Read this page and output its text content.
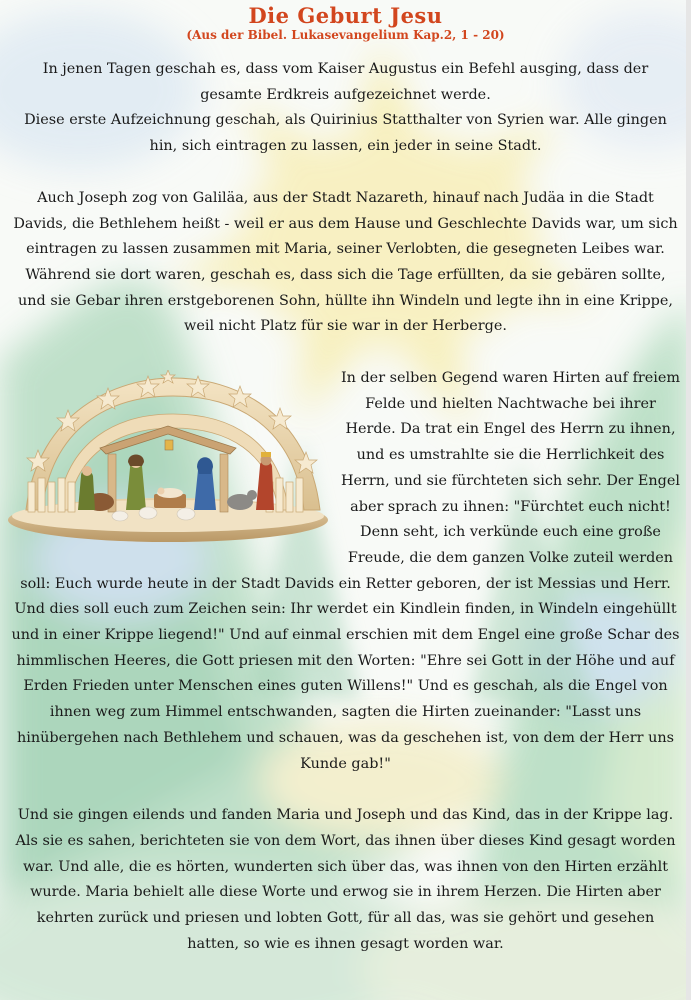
Die Geburt Jesu
(Aus der Bibel. Lukasevangelium Kap.2, 1 - 20)

In jenen Tagen geschah es, dass vom Kaiser Augustus ein Befehl ausging, dass der gesamte Erdkreis aufgezeichnet werde.

Diese erste Aufzeichnung geschah, als Quirinius Statthalter von Syrien war. Alle gingen hin, sich eintragen zu lassen, ein jeder in seine Stadt.

Auch Joseph zog von Galiläa, aus der Stadt Nazareth, hinauf nach Judäa in die Stadt Davids, die Bethlehem heißt - weil er aus dem Hause und Geschlechte Davids war, um sich eintragen zu lassen zusammen mit Maria, seiner Verlobten, die gesegneten Leibes war. Während sie dort waren, geschah es, dass sich die Tage erfüllten, da sie gebären sollte, und sie Gebar ihren erstgeborenen Sohn, hüllte ihn Windeln und legte ihn in eine Krippe, weil nicht Platz für sie war in der Herberge.

In der selben Gegend waren Hirten auf freiem Felde und hielten Nachtwache bei ihrer Herde. Da trat ein Engel des Herrn zu ihnen, und es umstrahlte sie die Herrlichkeit des Herrn, und sie fürchteten sich sehr. Der Engel aber sprach zu ihnen: "Fürchtet euch nicht! Denn seht, ich verkünde euch eine große Freude, die dem ganzen Volke zuteil werden soll: Euch wurde heute in der Stadt Davids ein Retter geboren, der ist Messias und Herr. Und dies soll euch zum Zeichen sein: Ihr werdet ein Kindlein finden, in Windeln eingehüllt und in einer Krippe liegend!" Und auf einmal erschien mit dem Engel eine große Schar des himmlischen Heeres, die Gott priesen mit den Worten: "Ehre sei Gott in der Höhe und auf Erden Frieden unter Menschen eines guten Willens!" Und es geschah, als die Engel von ihnen weg zum Himmel entschwanden, sagten die Hirten zueinander: "Lasst uns hinübergehen nach Bethlehem und schauen, was da geschehen ist, von dem der Herr uns Kunde gab!"

Und sie gingen eilends und fanden Maria und Joseph und das Kind, das in der Krippe lag. Als sie es sahen, berichteten sie von dem Wort, das ihnen über dieses Kind gesagt worden war. Und alle, die es hörten, wunderten sich über das, was ihnen von den Hirten erzählt wurde. Maria behielt alle diese Worte und erwog sie in ihrem Herzen. Die Hirten aber kehrten zurück und priesen und lobten Gott, für all das, was sie gehört und gesehen hatten, so wie es ihnen gesagt worden war.
